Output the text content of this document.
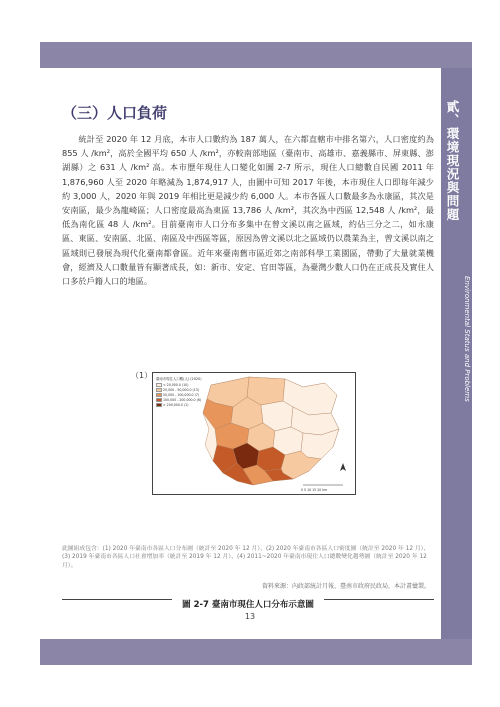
貳、環境現況與問題
Environmental Status and Problems
（三）人口負荷

統計至 2020 年 12 月底，本市人口數約為 187 萬人，在六都直轄市中排名第六，人口密度約為 855 人 /km²，高於全國平均 650 人 /km²，亦較南部地區（臺南市、高雄市、嘉義縣市、屏東縣、澎湖縣）之 631 人 /km² 高。本市歷年現住人口變化如圖 2-7 所示，現住人口總數自民國 2011 年 1,876,960 人至 2020 年略減為 1,874,917 人，由圖中可知 2017 年後，本市現住人口即每年減少約 3,000 人，2020 年與 2019 年相比更是減少約 6,000 人。本市各區人口數最多為永康區，其次是安南區，最少為龍崎區；人口密度最高為東區 13,786 人 /km²，其次為中西區 12,548 人 /km²，最低為南化區 48 人 /km²。目前臺南市人口分布多集中在曾文溪以南之區域，約佔三分之二，如永康區、東區、安南區、北區、南區及中西區等區，原因為曾文溪以北之區域仍以農業為主，曾文溪以南之區域則已發展為現代化臺南都會區。近年來臺南舊市區近郊之南部科學工業園區，帶動了大量就業機會，經濟及人口數量皆有顯著成長，如：新市、安定、官田等區，為臺灣少數人口仍在正成長及實住人口多於戶籍人口的地區。

（1）
0 5 10 15 20 km
臺南市現住人口數(人) (2020)
< 20,000.0 (10)
20,000 - 50,000.0 (13)
50,000 - 100,000.0 (7)
100,000 - 200,000.0 (6)
> 200,000.0 (1)
此圖組成包含：(1) 2020 年臺南市各區人口分布圖（統計至 2020 年 12 月）、(2) 2020 年臺南市各區人口密度圖（統計至 2020 年 12 月）、(3) 2019 年臺南市各區人口社會增加率（統計至 2019 年 12 月）、(4) 2011~2020 年臺南市現住人口總數變化趨勢圖（統計至 2020 年 12 月）。
資料來源：內政部統計月報、臺南市政府民政局，本計畫彙製。
圖 2-7 臺南市現住人口分布示意圖
13
